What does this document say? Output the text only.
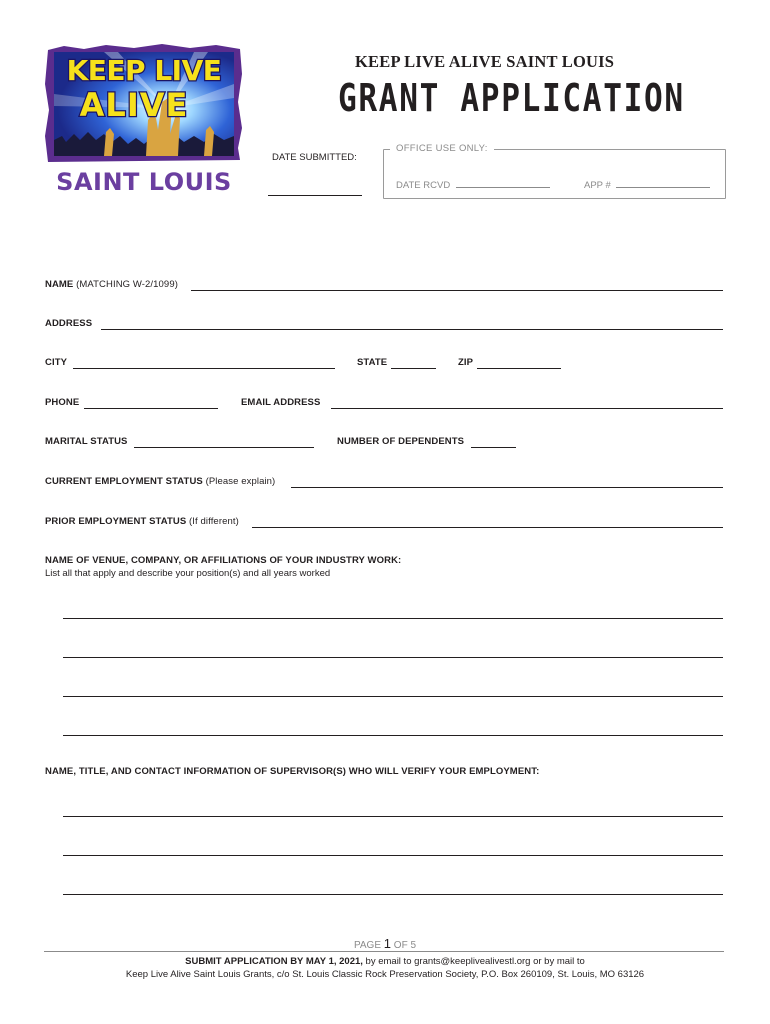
KEEP LIVE
ALIVE
SAINT LOUIS
KEEP LIVE ALIVE SAINT LOUIS
GRANT APPLICATION
DATE SUBMITTED:
OFFICE USE ONLY:
DATE RCVD	APP #
NAME (MATCHING W-2/1099)
ADDRESS
CITY	STATE	ZIP
PHONE	EMAIL ADDRESS
MARITAL STATUS	NUMBER OF DEPENDENTS
CURRENT EMPLOYMENT STATUS (Please explain)
PRIOR EMPLOYMENT STATUS (If different)
NAME OF VENUE, COMPANY, OR AFFILIATIONS OF YOUR INDUSTRY WORK:
List all that apply and describe your position(s) and all years worked
NAME, TITLE, AND CONTACT INFORMATION OF SUPERVISOR(S) WHO WILL VERIFY YOUR EMPLOYMENT:
PAGE 1 OF 5
SUBMIT APPLICATION BY MAY 1, 2021, by email to grants@keeplivealivestl.org or by mail to
Keep Live Alive Saint Louis Grants, c/o St. Louis Classic Rock Preservation Society, P.O. Box 260109, St. Louis, MO 63126
